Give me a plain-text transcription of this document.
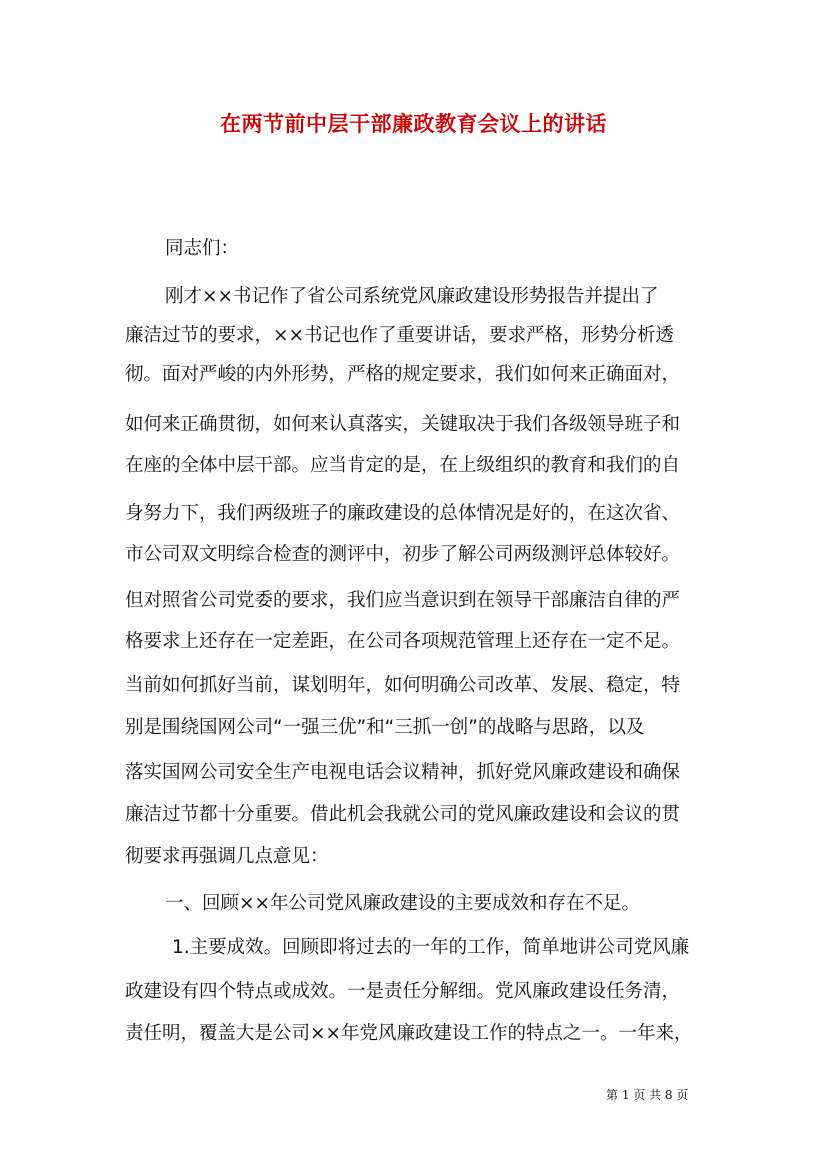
在两节前中层干部廉政教育会议上的讲话
同志们：
刚才××书记作了省公司系统党风廉政建设形势报告并提出了
廉洁过节的要求，××书记也作了重要讲话，要求严格，形势分析透
彻。面对严峻的内外形势，严格的规定要求，我们如何来正确面对，
如何来正确贯彻，如何来认真落实，关键取决于我们各级领导班子和
在座的全体中层干部。应当肯定的是，在上级组织的教育和我们的自
身努力下，我们两级班子的廉政建设的总体情况是好的，在这次省、
市公司双文明综合检查的测评中，初步了解公司两级测评总体较好。
但对照省公司党委的要求，我们应当意识到在领导干部廉洁自律的严
格要求上还存在一定差距，在公司各项规范管理上还存在一定不足。
当前如何抓好当前，谋划明年，如何明确公司改革、发展、稳定，特
别是围绕国网公司“一强三优”和“三抓一创”的战略与思路，以及
落实国网公司安全生产电视电话会议精神，抓好党风廉政建设和确保
廉洁过节都十分重要。借此机会我就公司的党风廉政建设和会议的贯
彻要求再强调几点意见：
一、回顾××年公司党风廉政建设的主要成效和存在不足。
1.主要成效。回顾即将过去的一年的工作，简单地讲公司党风廉
政建设有四个特点或成效。一是责任分解细。党风廉政建设任务清，
责任明，覆盖大是公司××年党风廉政建设工作的特点之一。一年来，
第 1 页 共 8 页
